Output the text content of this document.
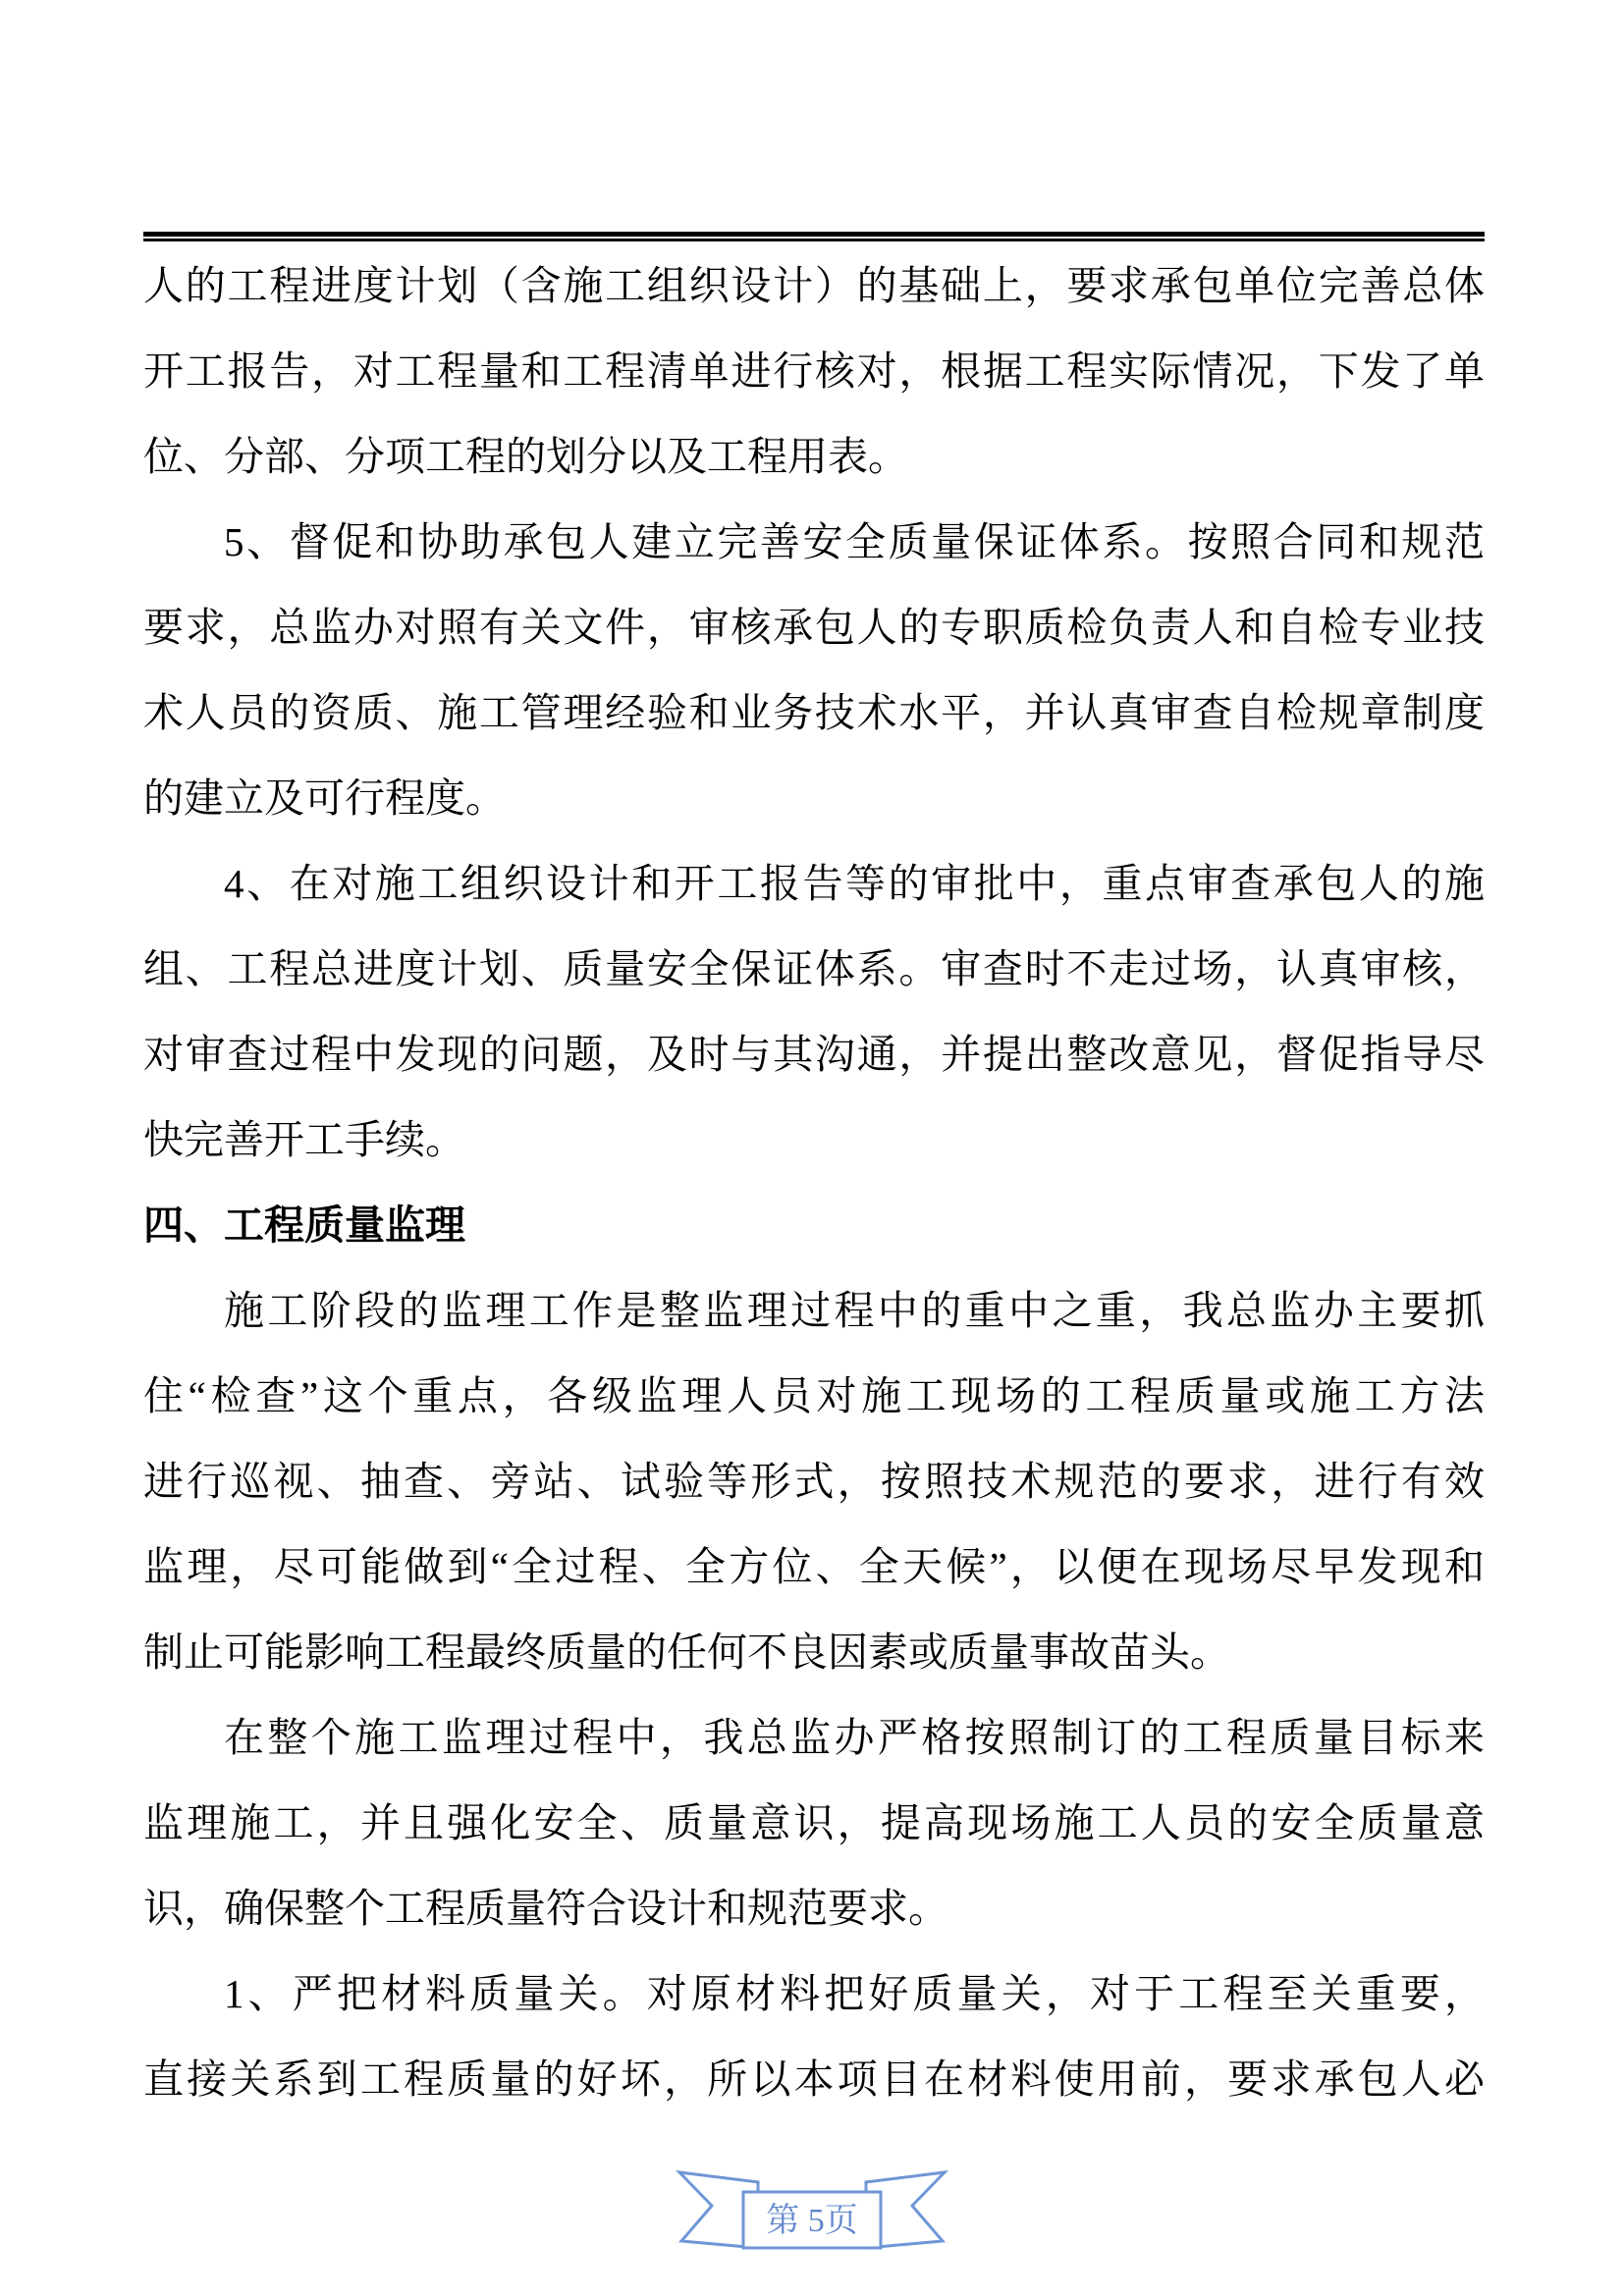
人的工程进度计划（含施工组织设计）的基础上，要求承包单位完善总体
开工报告，对工程量和工程清单进行核对，根据工程实际情况，下发了单
位、分部、分项工程的划分以及工程用表。
5、督促和协助承包人建立完善安全质量保证体系。按照合同和规范
要求，总监办对照有关文件，审核承包人的专职质检负责人和自检专业技
术人员的资质、施工管理经验和业务技术水平，并认真审查自检规章制度
的建立及可行程度。
4、在对施工组织设计和开工报告等的审批中，重点审查承包人的施
组、工程总进度计划、质量安全保证体系。审查时不走过场，认真审核，
对审查过程中发现的问题，及时与其沟通，并提出整改意见，督促指导尽
快完善开工手续。
四、工程质量监理
施工阶段的监理工作是整监理过程中的重中之重，我总监办主要抓
住“检查”这个重点，各级监理人员对施工现场的工程质量或施工方法
进行巡视、抽查、旁站、试验等形式，按照技术规范的要求，进行有效
监理，尽可能做到“全过程、全方位、全天候”，以便在现场尽早发现和
制止可能影响工程最终质量的任何不良因素或质量事故苗头。
在整个施工监理过程中，我总监办严格按照制订的工程质量目标来
监理施工，并且强化安全、质量意识，提高现场施工人员的安全质量意
识，确保整个工程质量符合设计和规范要求。
1、严把材料质量关。对原材料把好质量关，对于工程至关重要，
直接关系到工程质量的好坏，所以本项目在材料使用前，要求承包人必
第 5页
